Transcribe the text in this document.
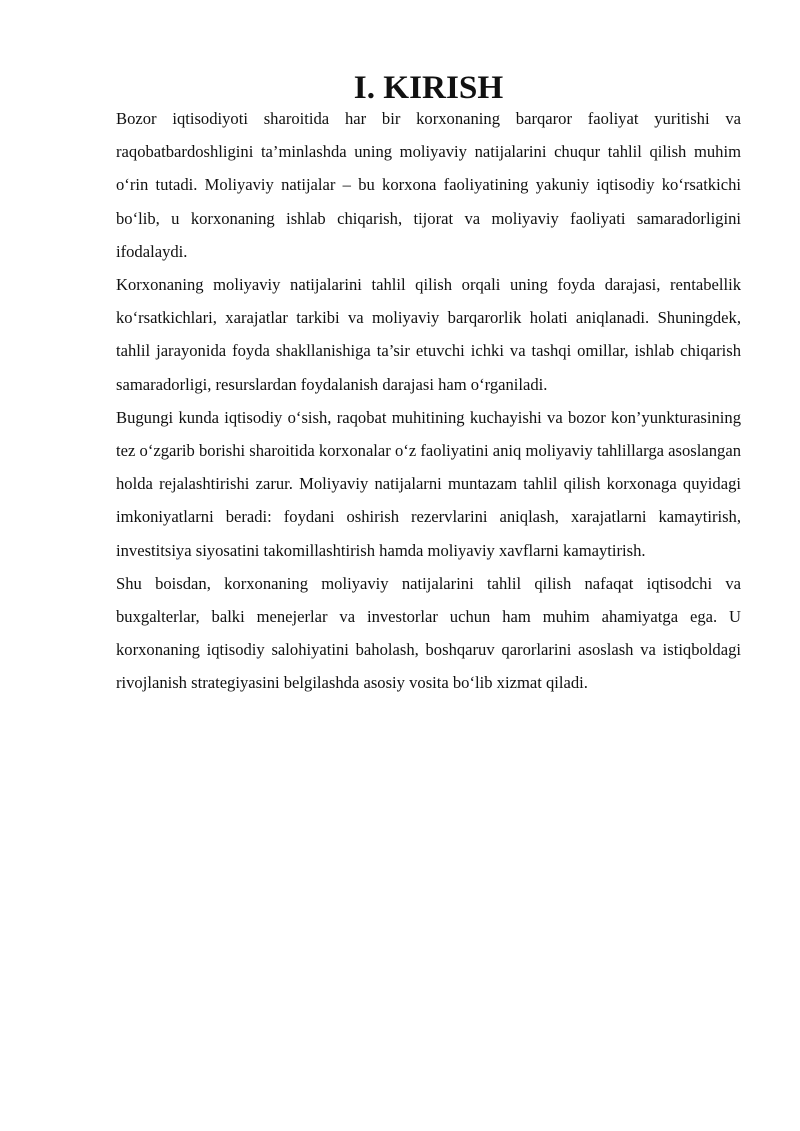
I. KIRISH

Bozor iqtisodiyoti sharoitida har bir korxonaning barqaror faoliyat yuritishi va raqobatbardoshligini ta’minlashda uning moliyaviy natijalarini chuqur tahlil qilish muhim o‘rin tutadi. Moliyaviy natijalar – bu korxona faoliyatining yakuniy iqtisodiy ko‘rsatkichi bo‘lib, u korxonaning ishlab chiqarish, tijorat va moliyaviy faoliyati samaradorligini ifodalaydi.

Korxonaning moliyaviy natijalarini tahlil qilish orqali uning foyda darajasi, rentabellik ko‘rsatkichlari, xarajatlar tarkibi va moliyaviy barqarorlik holati aniqlanadi. Shuningdek, tahlil jarayonida foyda shakllanishiga ta’sir etuvchi ichki va tashqi omillar, ishlab chiqarish samaradorligi, resurslardan foydalanish darajasi ham o‘rganiladi.

Bugungi kunda iqtisodiy o‘sish, raqobat muhitining kuchayishi va bozor kon’yunkturasining tez o‘zgarib borishi sharoitida korxonalar o‘z faoliyatini aniq moliyaviy tahlillarga asoslangan holda rejalashtirishi zarur. Moliyaviy natijalarni muntazam tahlil qilish korxonaga quyidagi imkoniyatlarni beradi: foydani oshirish rezervlarini aniqlash, xarajatlarni kamaytirish, investitsiya siyosatini takomillashtirish hamda moliyaviy xavflarni kamaytirish.

Shu boisdan, korxonaning moliyaviy natijalarini tahlil qilish nafaqat iqtisodchi va buxgalterlar, balki menejerlar va investorlar uchun ham muhim ahamiyatga ega. U korxonaning iqtisodiy salohiyatini baholash, boshqaruv qarorlarini asoslash va istiqboldagi rivojlanish strategiyasini belgilashda asosiy vosita bo‘lib xizmat qiladi.
